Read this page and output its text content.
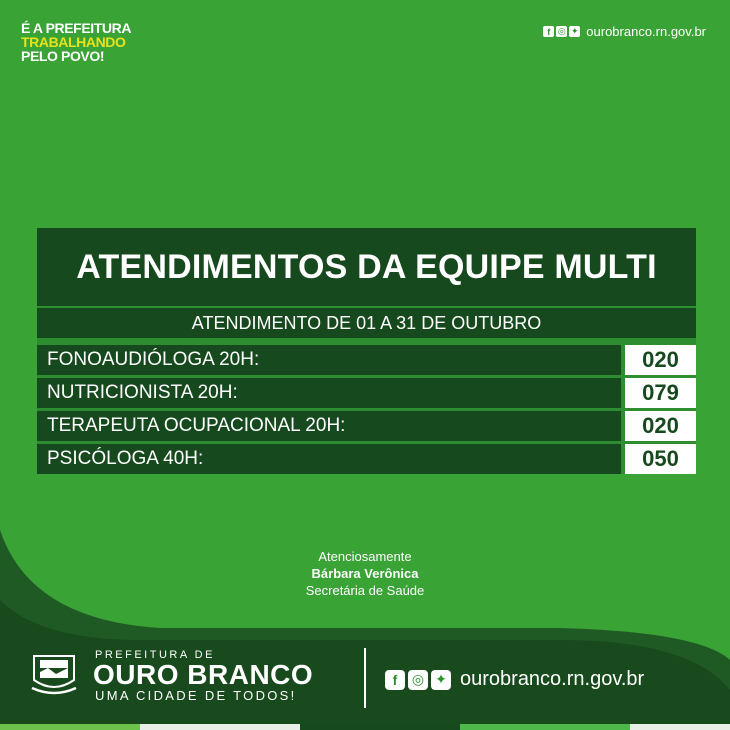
É A PREFEITURA
TRABALHANDO
PELO POVO!
f ◎ ✦ ourobranco.rn.gov.br
ATENDIMENTOS DA EQUIPE MULTI
ATENDIMENTO DE 01 A 31 DE OUTUBRO
FONOAUDIÓLOGA 20H:	020
NUTRICIONISTA 20H:	079
TERAPEUTA OCUPACIONAL 20H:	020
PSICÓLOGA 40H:	050
Atenciosamente
Bárbara Verônica
Secretária de Saúde
PREFEITURA DE
OURO BRANCO
UMA CIDADE DE TODOS!
f	◎ ✦ ourobranco.rn.gov.br
